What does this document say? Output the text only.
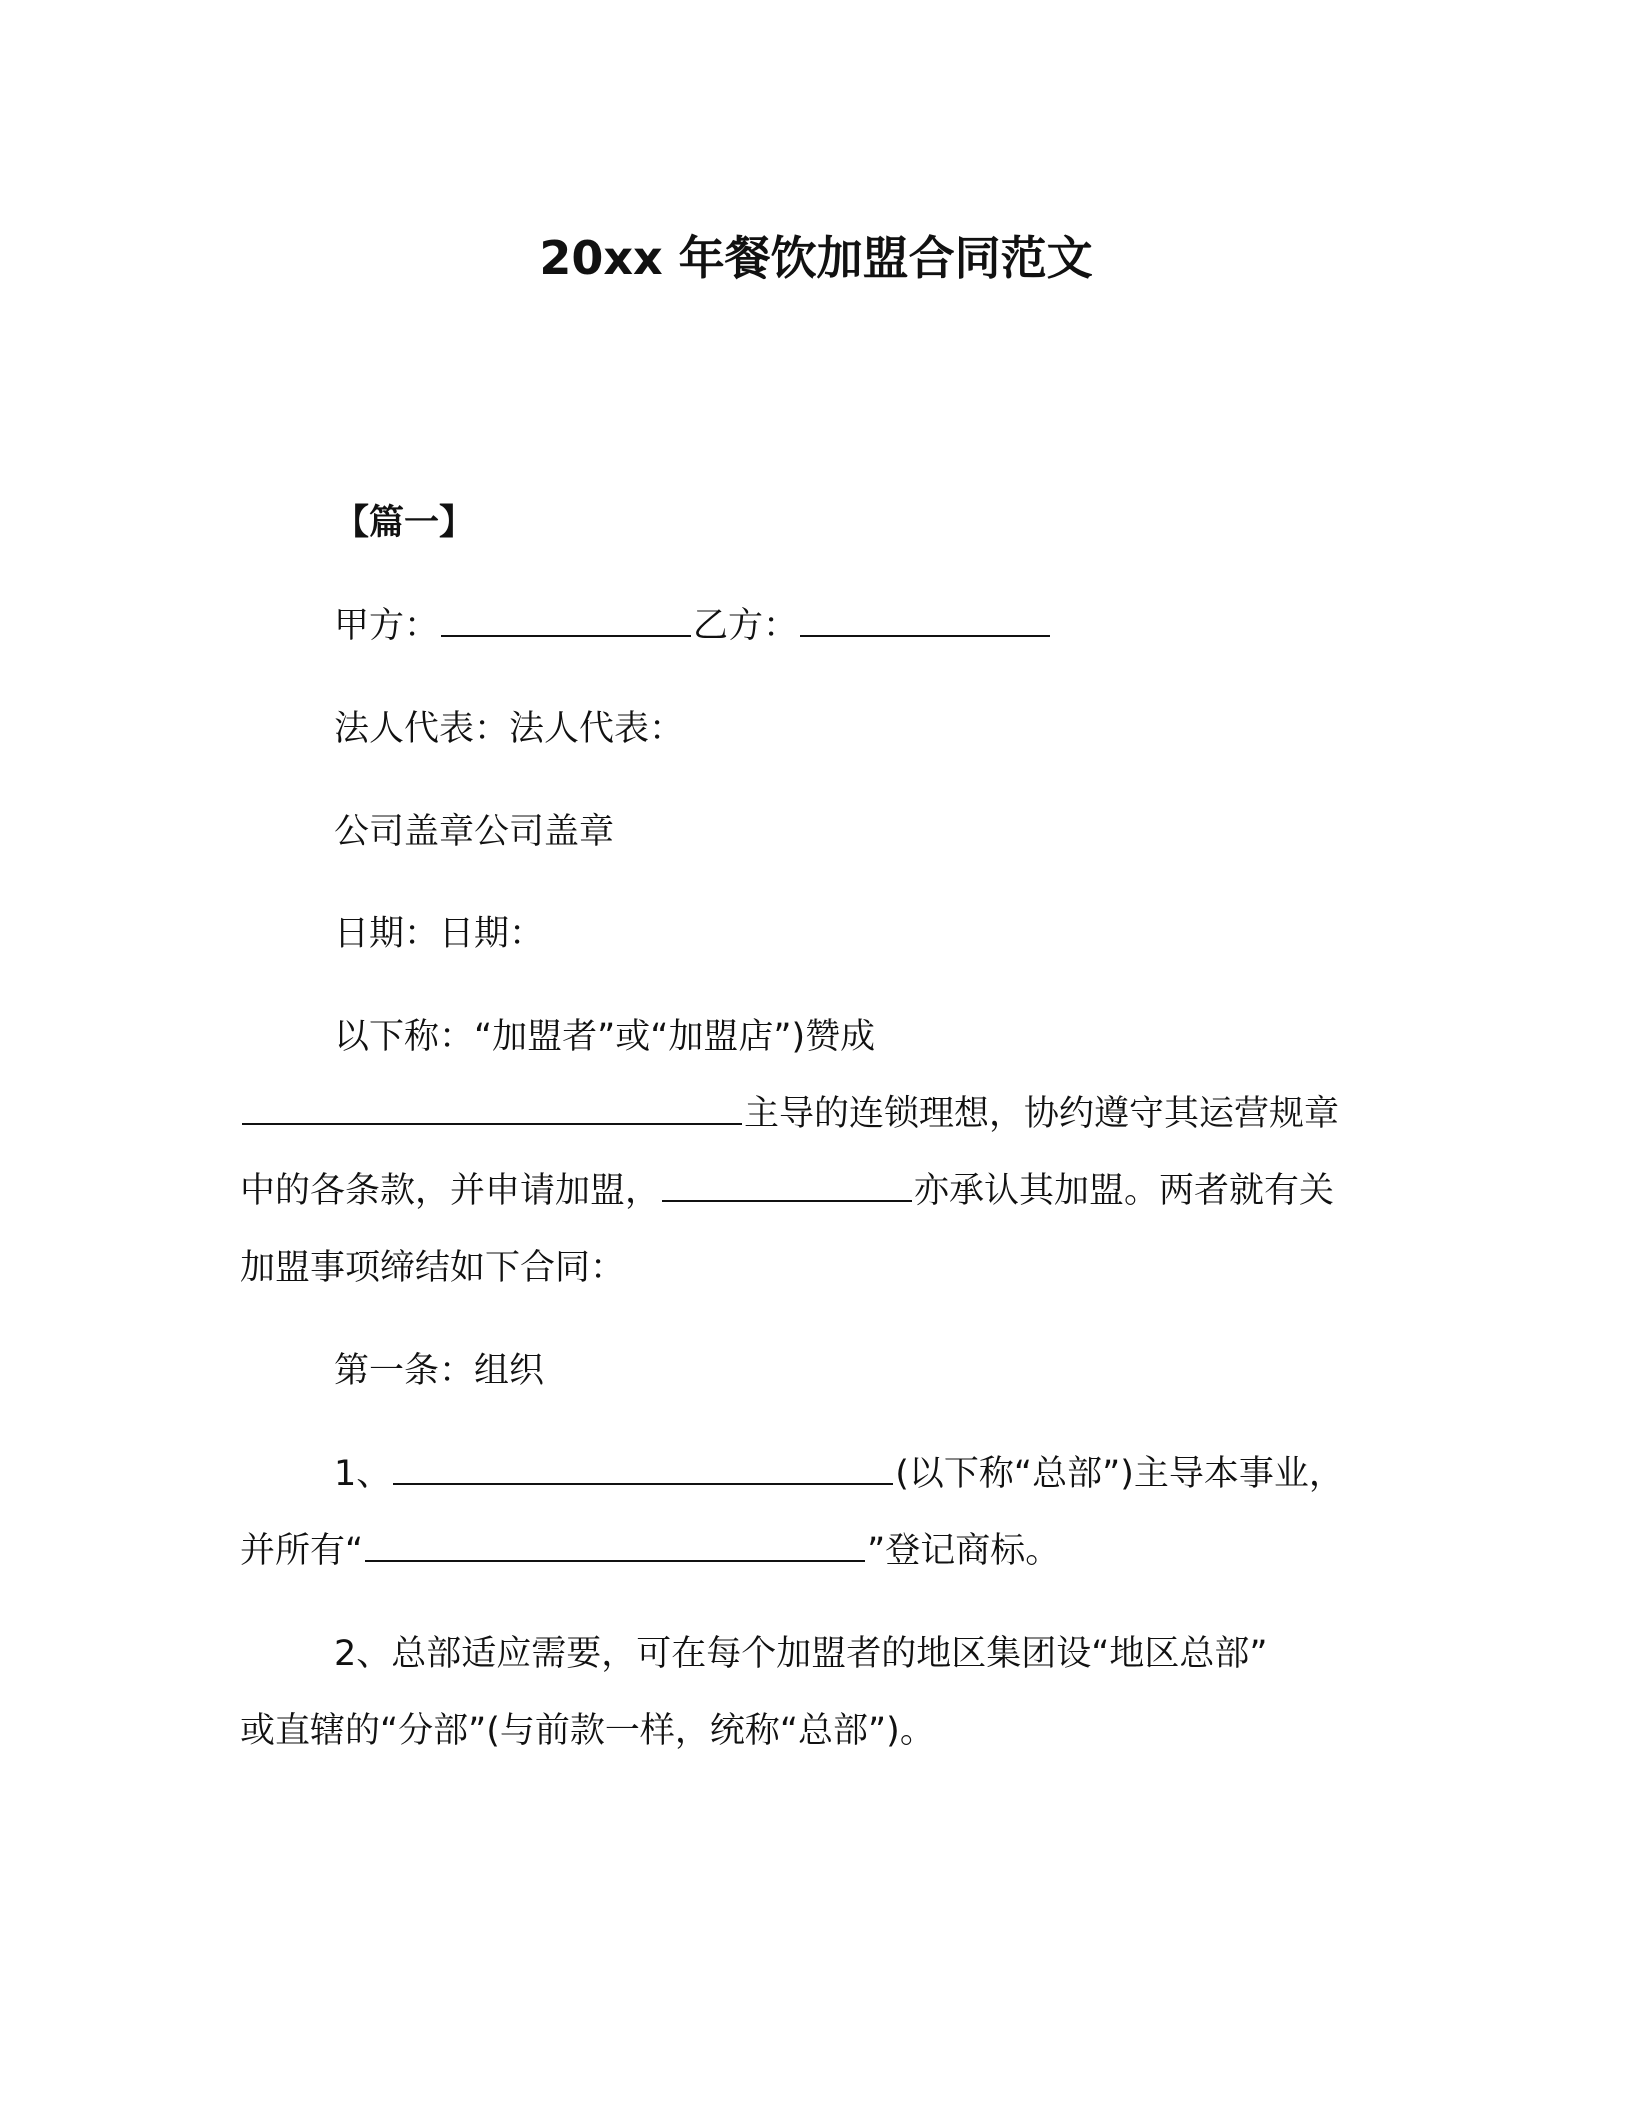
20xx 年餐饮加盟合同范文
【篇一】
甲方：	乙方：
法人代表：法人代表：
公司盖章公司盖章
日期：日期：
以下称：“加盟者”或“加盟店”)赞成
主导的连锁理想，协约遵守其运营规章
中的各条款，并申请加盟，	亦承认其加盟。两者就有关
加盟事项缔结如下合同：
第一条：组织
1、	(以下称“总部”)主导本事业，
并所有“	”登记商标。
2、总部适应需要，可在每个加盟者的地区集团设“地区总部”
或直辖的“分部”(与前款一样，统称“总部”)。
